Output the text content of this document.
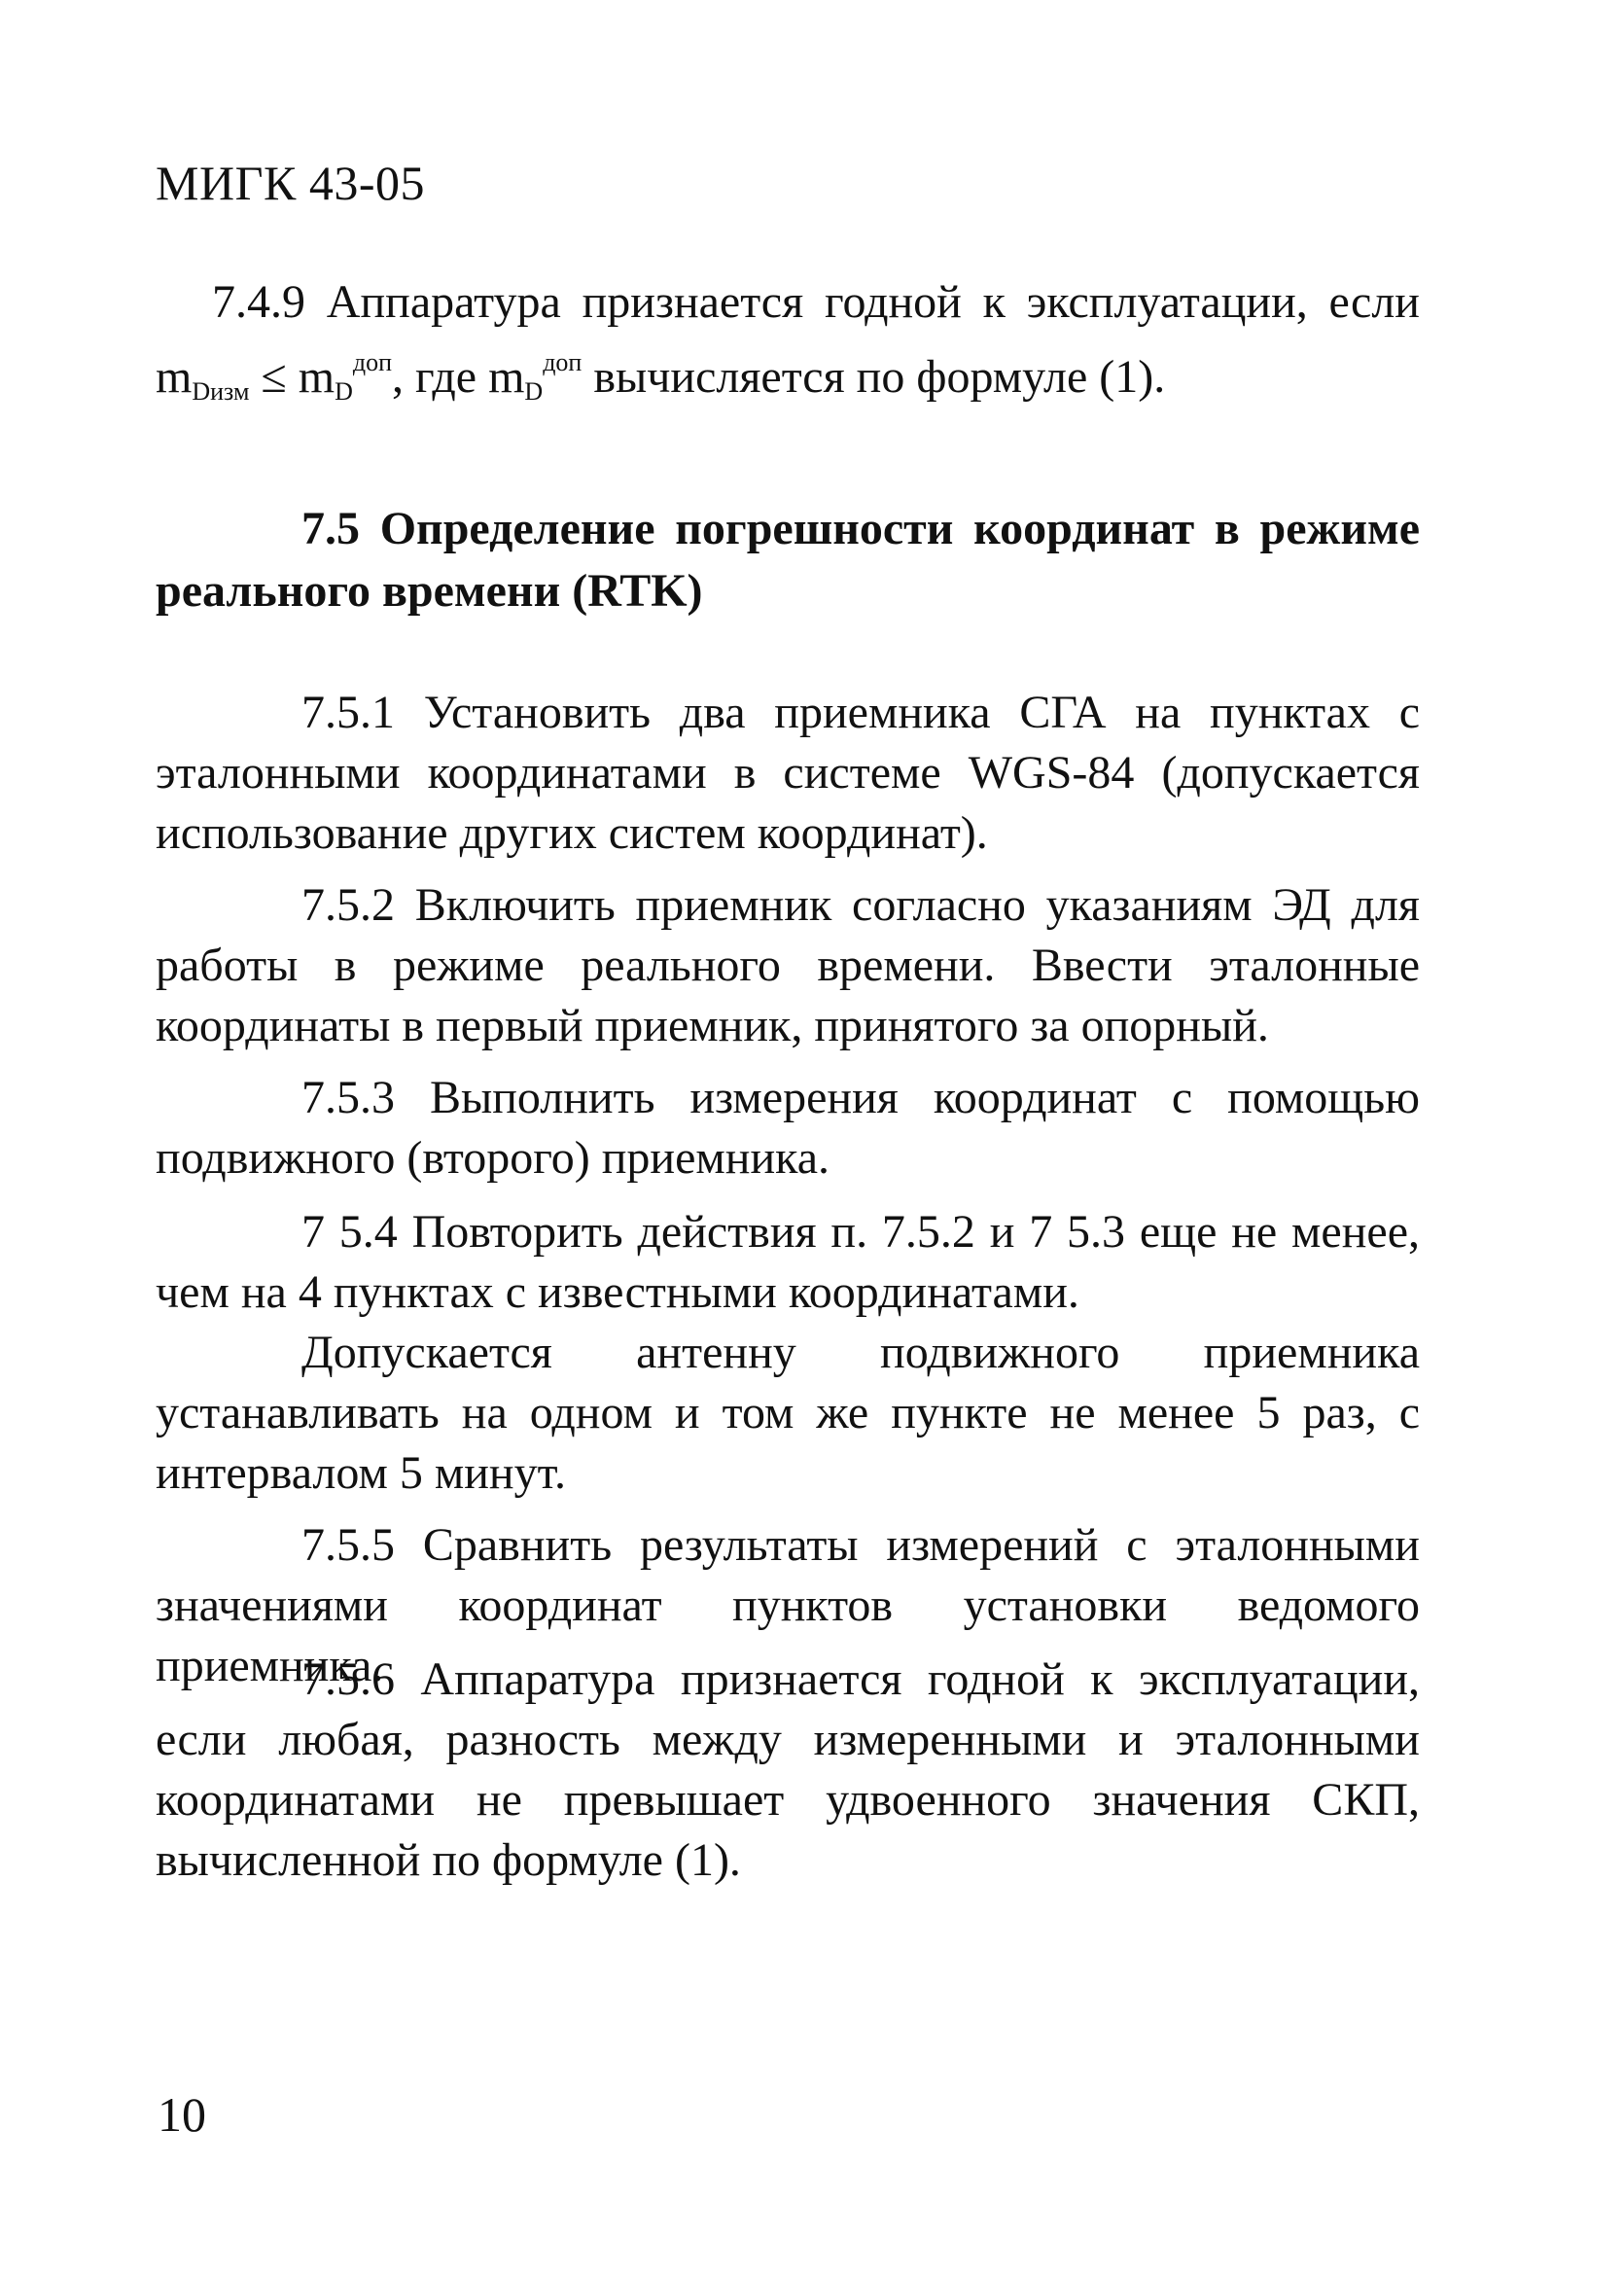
МИГК 43-05

7.4.9 Аппаратура признается годной к эксплуатации, если $m_{Dизм} \le m_D^{доп}$, где $m_D^{доп}$ вычисляется по формуле (1).

7.5 Определение погрешности координат в режиме реального времени (RTK)

7.5.1 Установить два приемника СГА на пунктах с эталонными координатами в системе WGS-84 (допускается использование других систем координат).

7.5.2 Включить приемник согласно указаниям ЭД для работы в режиме реального времени. Ввести эталонные координаты в первый приемник, принятого за опорный.

7.5.3 Выполнить измерения координат с помощью подвижного (второго) приемника.

7 5.4 Повторить действия п. 7.5.2 и 7 5.3 еще не менее, чем на 4 пунктах с известными координатами.

Допускается антенну подвижного приемника устанавливать на одном и том же пункте не менее 5 раз, с интервалом 5 минут.

7.5.5 Сравнить результаты измерений с эталонными значениями координат пунктов установки ведомого приемника.

7.5.6 Аппаратура признается годной к эксплуатации, если любая, разность между измеренными и эталонными координатами не превышает удвоенного значения СКП, вычисленной по формуле (1).

10
